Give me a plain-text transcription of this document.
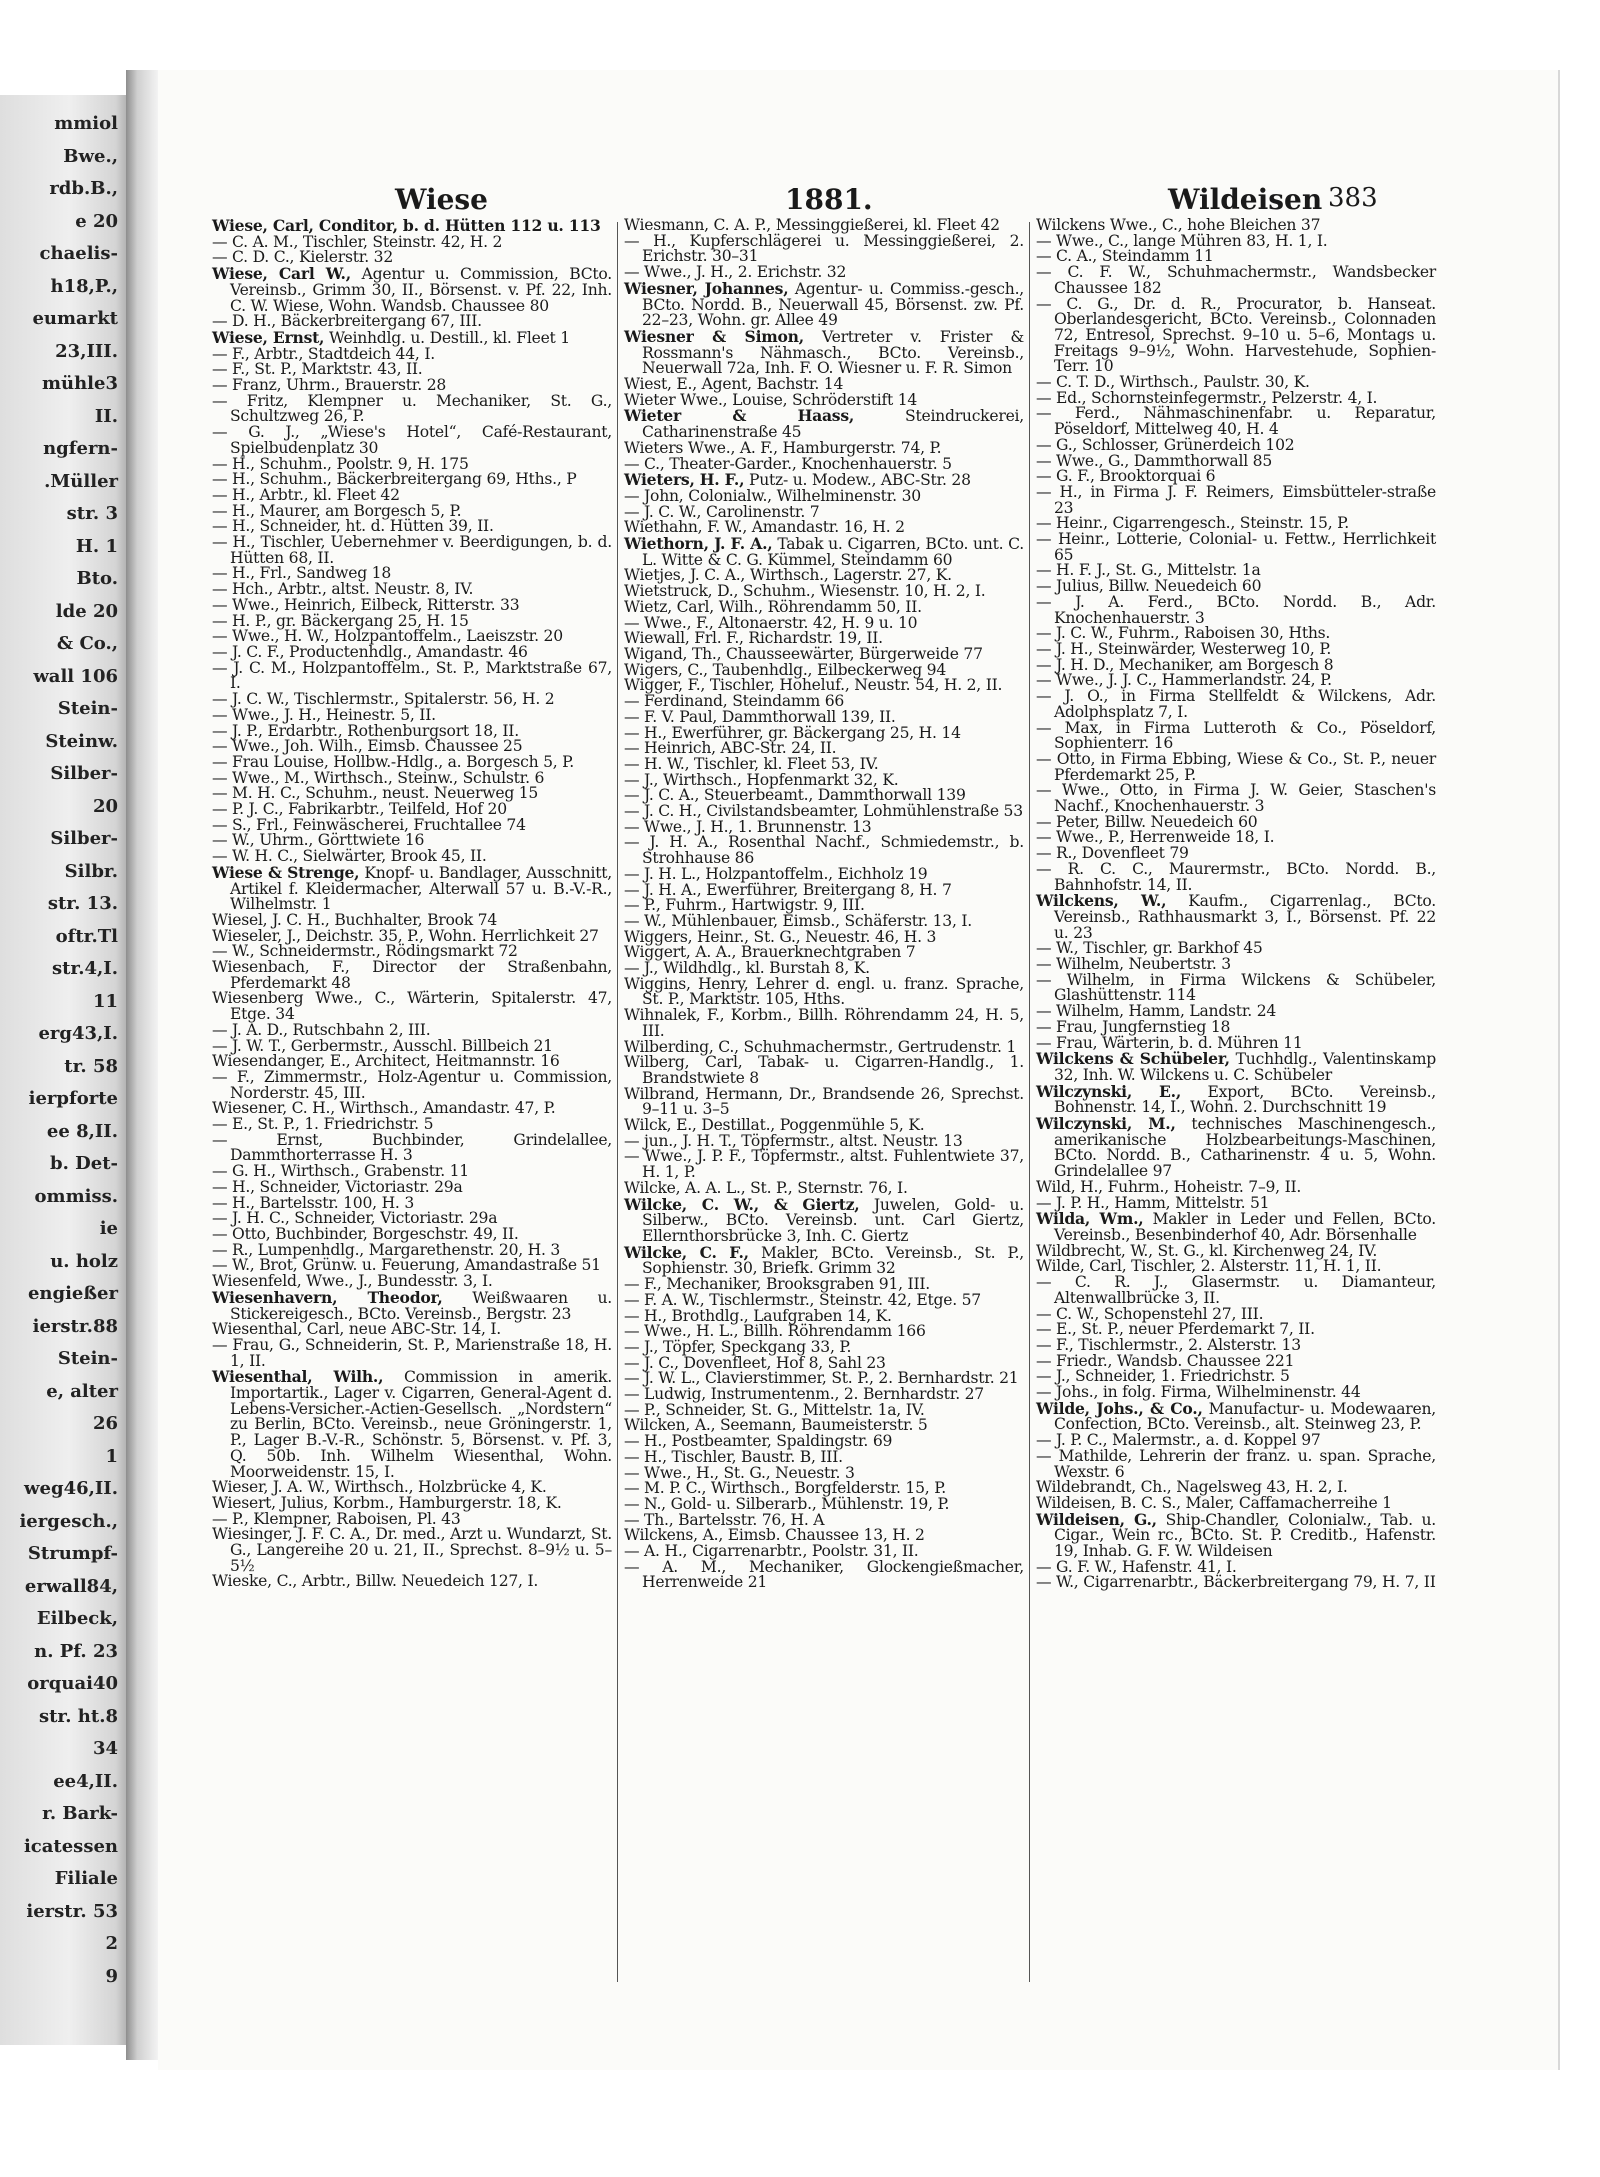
mmiol
Bwe.,
rdb.B.,
e 20
chaelis-
h18,P.,
eumarkt
23,III.
mühle3
II.
ngfern-
.Müller
str. 3
H. 1
Bto.
lde 20
& Co.,
wall 106
Stein-
Steinw.
Silber-
20
Silber-
Silbr.
str. 13.
oftr.Tl
str.4,I.
11
erg43,I.
tr. 58
ierpforte
ee 8,II.
b. Det-
ommiss.
ie
u. holz
engießer
ierstr.88
Stein-
e, alter
26
1
weg46,II.
iergesch.,
Strumpf-
erwall84,
Eilbeck,
n. Pf. 23
orquai40
str. ht.8
34
ee4,II.
r. Bark-
icatessen
Filiale
ierstr. 53
2
9
Wiese	1881.	Wildeisen 383

Wiese, Carl, Conditor, b. d. Hütten 112 u. 113

— C. A. M., Tischler, Steinstr. 42, H. 2

— C. D. C., Kielerstr. 32

Wiese, Carl W., Agentur u. Commission, BCto. Vereinsb., Grimm 30, II., Börsenst. v. Pf. 22, Inh. C. W. Wiese, Wohn. Wandsb. Chaussee 80

— D. H., Bäckerbreitergang 67, III.

Wiese, Ernst, Weinhdlg. u. Destill., kl. Fleet 1

— F., Arbtr., Stadtdeich 44, I.

— F., St. P., Marktstr. 43, II.

— Franz, Uhrm., Brauerstr. 28

— Fritz, Klempner u. Mechaniker, St. G., Schultzweg 26, P.

— G. J., „Wiese's Hotel“, Café-Restaurant, Spielbudenplatz 30

— H., Schuhm., Poolstr. 9, H. 175

— H., Schuhm., Bäckerbreitergang 69, Hths., P

— H., Arbtr., kl. Fleet 42

— H., Maurer, am Borgesch 5, P.

— H., Schneider, ht. d. Hütten 39, II.

— H., Tischler, Uebernehmer v. Beerdigungen, b. d. Hütten 68, II.

— H., Frl., Sandweg 18

— Hch., Arbtr., altst. Neustr. 8, IV.

— Wwe., Heinrich, Eilbeck, Ritterstr. 33

— H. P., gr. Bäckergang 25, H. 15

— Wwe., H. W., Holzpantoffelm., Laeiszstr. 20

— J. C. F., Productenhdlg., Amandastr. 46

— J. C. M., Holzpantoffelm., St. P., Marktstraße 67, I.

— J. C. W., Tischlermstr., Spitalerstr. 56, H. 2

— Wwe., J. H., Heinestr. 5, II.

— J. P., Erdarbtr., Rothenburgsort 18, II.

— Wwe., Joh. Wilh., Eimsb. Chaussee 25

— Frau Louise, Hollbw.-Hdlg., a. Borgesch 5, P.

— Wwe., M., Wirthsch., Steinw., Schulstr. 6

— M. H. C., Schuhm., neust. Neuerweg 15

— P. J. C., Fabrikarbtr., Teilfeld, Hof 20

— S., Frl., Feinwäscherei, Fruchtallee 74

— W., Uhrm., Görttwiete 16

— W. H. C., Sielwärter, Brook 45, II.

Wiese & Strenge, Knopf- u. Bandlager, Ausschnitt, Artikel f. Kleidermacher, Alterwall 57 u. B.-V.-R., Wilhelmstr. 1

Wiesel, J. C. H., Buchhalter, Brook 74

Wieseler, J., Deichstr. 35, P., Wohn. Herrlichkeit 27

— W., Schneidermstr., Rödingsmarkt 72

Wiesenbach, F., Director der Straßenbahn, Pferdemarkt 48

Wiesenberg Wwe., C., Wärterin, Spitalerstr. 47, Etge. 34

— J. A. D., Rutschbahn 2, III.

— J. W. T., Gerbermstr., Ausschl. Billbeich 21

Wiesendanger, E., Architect, Heitmannstr. 16

— F., Zimmermstr., Holz-Agentur u. Commission, Norderstr. 45, III.

Wiesener, C. H., Wirthsch., Amandastr. 47, P.

— E., St. P., 1. Friedrichstr. 5

— Ernst, Buchbinder, Grindelallee, Dammthorterrasse H. 3

— G. H., Wirthsch., Grabenstr. 11

— H., Schneider, Victoriastr. 29a

— H., Bartelsstr. 100, H. 3

— J. H. C., Schneider, Victoriastr. 29a

— Otto, Buchbinder, Borgeschstr. 49, II.

— R., Lumpenhdlg., Margarethenstr. 20, H. 3

— W., Brot, Grünw. u. Feuerung, Amandastraße 51

Wiesenfeld, Wwe., J., Bundesstr. 3, I.

Wiesenhavern, Theodor, Weißwaaren u. Stickereigesch., BCto. Vereinsb., Bergstr. 23

Wiesenthal, Carl, neue ABC-Str. 14, I.

— Frau, G., Schneiderin, St. P., Marienstraße 18, H. 1, II.

Wiesenthal, Wilh., Commission in amerik. Importartik., Lager v. Cigarren, General-Agent d. Lebens-Versicher.-Actien-Gesellsch. „Nordstern“ zu Berlin, BCto. Vereinsb., neue Gröningerstr. 1, P., Lager B.-V.-R., Schönstr. 5, Börsenst. v. Pf. 3, Q. 50b. Inh. Wilhelm Wiesenthal, Wohn. Moorweidenstr. 15, I.

Wieser, J. A. W., Wirthsch., Holzbrücke 4, K.

Wiesert, Julius, Korbm., Hamburgerstr. 18, K.

— P., Klempner, Raboisen, Pl. 43

Wiesinger, J. F. C. A., Dr. med., Arzt u. Wundarzt, St. G., Langereihe 20 u. 21, II., Sprechst. 8–9½ u. 5–5½

Wieske, C., Arbtr., Billw. Neuedeich 127, I.

Wiesmann, C. A. P., Messinggießerei, kl. Fleet 42

— H., Kupferschlägerei u. Messinggießerei, 2. Erichstr. 30–31

— Wwe., J. H., 2. Erichstr. 32

Wiesner, Johannes, Agentur- u. Commiss.-gesch., BCto. Nordd. B., Neuerwall 45, Börsenst. zw. Pf. 22–23, Wohn. gr. Allee 49

Wiesner & Simon, Vertreter v. Frister & Rossmann's Nähmasch., BCto. Vereinsb., Neuerwall 72a, Inh. F. O. Wiesner u. F. R. Simon

Wiest, E., Agent, Bachstr. 14

Wieter Wwe., Louise, Schröderstift 14

Wieter & Haass,	Steindruckerei, Catharinenstraße 45

Wieters Wwe., A. F., Hamburgerstr. 74, P.

— C., Theater-Garder., Knochenhauerstr. 5

Wieters, H. F., Putz- u. Modew., ABC-Str. 28

— John, Colonialw., Wilhelminenstr. 30

— J. C. W., Carolinenstr. 7

Wiethahn, F. W., Amandastr. 16, H. 2

Wiethorn, J. F. A., Tabak u. Cigarren, BCto. unt. C. L. Witte & C. G. Kümmel, Steindamm 60

Wietjes, J. C. A., Wirthsch., Lagerstr. 27, K.

Wietstruck, D., Schuhm., Wiesenstr. 10, H. 2, I.

Wietz, Carl, Wilh., Röhrendamm 50, II.

— Wwe., F., Altonaerstr. 42, H. 9 u. 10

Wiewall, Frl. F., Richardstr. 19, II.

Wigand, Th., Chausseewärter, Bürgerweide 77

Wigers, C., Taubenhdlg., Eilbeckerweg 94

Wigger, F., Tischler, Hoheluf., Neustr. 54, H. 2, II.

— Ferdinand, Steindamm 66

— F. V. Paul, Dammthorwall 139, II.

— H., Ewerführer, gr. Bäckergang 25, H. 14

— Heinrich, ABC-Str. 24, II.

— H. W., Tischler, kl. Fleet 53, IV.

— J., Wirthsch., Hopfenmarkt 32, K.

— J. C. A., Steuerbeamt., Dammthorwall 139

— J. C. H., Civilstandsbeamter, Lohmühlenstraße 53

— Wwe., J. H., 1. Brunnenstr. 13

— J. H. A., Rosenthal Nachf., Schmiedemstr., b. Strohhause 86

— J. H. L., Holzpantoffelm., Eichholz 19

— J. H. A., Ewerführer, Breitergang 8, H. 7

— P., Fuhrm., Hartwigstr. 9, III.

— W., Mühlenbauer, Eimsb., Schäferstr. 13, I.

Wiggers, Heinr., St. G., Neuestr. 46, H. 3

Wiggert, A. A., Brauerknechtgraben 7

— J., Wildhdlg., kl. Burstah 8, K.

Wiggins, Henry, Lehrer d. engl. u. franz. Sprache, St. P., Marktstr. 105, Hths.

Wihnalek, F., Korbm., Billh. Röhrendamm 24, H. 5, III.

Wilberding, C., Schuhmachermstr., Gertrudenstr. 1

Wilberg, Carl, Tabak- u. Cigarren-Handlg., 1. Brandstwiete 8

Wilbrand, Hermann, Dr., Brandsende 26, Sprechst. 9–11 u. 3–5

Wilck, E., Destillat., Poggenmühle 5, K.

— jun., J. H. T., Töpfermstr., altst. Neustr. 13

— Wwe., J. P. F., Töpfermstr., altst. Fuhlentwiete 37, H. 1, P.

Wilcke, A. A. L., St. P., Sternstr. 76, I.

Wilcke, C. W., & Giertz, Juwelen, Gold- u. Silberw., BCto. Vereinsb. unt. Carl Giertz, Ellernthorsbrücke 3, Inh. C. Giertz

Wilcke, C. F., Makler, BCto. Vereinsb., St. P., Sophienstr. 30, Briefk. Grimm 32

— F., Mechaniker, Brooksgraben 91, III.

— F. A. W., Tischlermstr., Steinstr. 42, Etge. 57

— H., Brothdlg., Laufgraben 14, K.

— Wwe., H. L., Billh. Röhrendamm 166

— J., Töpfer, Speckgang 33, P.

— J. C., Dovenfleet, Hof 8, Sahl 23

— J. W. L., Clavierstimmer, St. P., 2. Bernhardstr. 21

— Ludwig, Instrumentenm., 2. Bernhardstr. 27

— P., Schneider, St. G., Mittelstr. 1a, IV.

Wilcken, A., Seemann, Baumeisterstr. 5

— H., Postbeamter, Spaldingstr. 69

— H., Tischler, Baustr. B, III.

— Wwe., H., St. G., Neuestr. 3

— M. P. C., Wirthsch., Borgfelderstr. 15, P.

— N., Gold- u. Silberarb., Mühlenstr. 19, P.

— Th., Bartelsstr. 76, H. A

Wilckens, A., Eimsb. Chaussee 13, H. 2

— A. H., Cigarrenarbtr., Poolstr. 31, II.

— A. M., Mechaniker, Glockengießmacher, Herrenweide 21

Wilckens Wwe., C., hohe Bleichen 37

— Wwe., C., lange Mühren 83, H. 1, I.

— C. A., Steindamm 11

— C. F. W., Schuhmachermstr., Wandsbecker Chaussee 182

— C. G., Dr. d. R., Procurator, b. Hanseat. Oberlandesgericht, BCto. Vereinsb., Colonnaden 72, Entresol, Sprechst. 9–10 u. 5–6, Montags u. Freitags 9–9½, Wohn. Harvestehude, Sophien-Terr. 10

— C. T. D., Wirthsch., Paulstr. 30, K.

— Ed., Schornsteinfegermstr., Pelzerstr. 4, I.

— Ferd., Nähmaschinenfabr. u. Reparatur, Pöseldorf, Mittelweg 40, H. 4

— G., Schlosser, Grünerdeich 102

— Wwe., G., Dammthorwall 85

— G. F., Brooktorquai 6

— H., in Firma J. F. Reimers, Eimsbütteler-straße 23

— Heinr., Cigarrengesch., Steinstr. 15, P.

— Heinr., Lotterie, Colonial- u. Fettw., Herrlichkeit 65

— H. F. J., St. G., Mittelstr. 1a

— Julius, Billw. Neuedeich 60

— J. A. Ferd., BCto. Nordd. B., Adr. Knochenhauerstr. 3

— J. C. W., Fuhrm., Raboisen 30, Hths.

— J. H., Steinwärder, Westerweg 10, P.

— J. H. D., Mechaniker, am Borgesch 8

— Wwe., J. J. C., Hammerlandstr. 24, P.

— J. O., in Firma Stellfeldt & Wilckens, Adr. Adolphsplatz 7, I.

— Max, in Firma Lutteroth & Co., Pöseldorf, Sophienterr. 16

— Otto, in Firma Ebbing, Wiese & Co., St. P., neuer Pferdemarkt 25, P.

— Wwe., Otto, in Firma J. W. Geier, Staschen's Nachf., Knochenhauerstr. 3

— Peter, Billw. Neuedeich 60

— Wwe., P., Herrenweide 18, I.

— R., Dovenfleet 79

— R. C. C., Maurermstr., BCto. Nordd. B., Bahnhofstr. 14, II.

Wilckens, W., Kaufm., Cigarrenlag., BCto. Vereinsb., Rathhausmarkt 3, I., Börsenst. Pf. 22 u. 23

— W., Tischler, gr. Barkhof 45

— Wilhelm, Neubertstr. 3

— Wilhelm, in Firma Wilckens & Schübeler, Glashüttenstr. 114

— Wilhelm, Hamm, Landstr. 24

— Frau, Jungfernstieg 18

— Frau, Wärterin, b. d. Mühren 11

Wilckens & Schübeler, Tuchhdlg., Valentinskamp 32, Inh. W. Wilckens u. C. Schübeler

Wilczynski, E., Export, BCto. Vereinsb., Bohnenstr. 14, I., Wohn. 2. Durchschnitt 19

Wilczynski, M., technisches Maschinengesch., amerikanische Holzbearbeitungs-Maschinen, BCto. Nordd. B., Catharinenstr. 4 u. 5, Wohn. Grindelallee 97

Wild, H., Fuhrm., Hoheistr. 7–9, II.

— J. P. H., Hamm, Mittelstr. 51

Wilda, Wm., Makler in Leder und Fellen, BCto. Vereinsb., Besenbinderhof 40, Adr. Börsenhalle

Wildbrecht, W., St. G., kl. Kirchenweg 24, IV.

Wilde, Carl, Tischler, 2. Alsterstr. 11, H. 1, II.

— C. R. J., Glasermstr. u. Diamanteur, Altenwallbrücke 3, II.

— C. W., Schopenstehl 27, III.

— E., St. P., neuer Pferdemarkt 7, II.

— F., Tischlermstr., 2. Alsterstr. 13

— Friedr., Wandsb. Chaussee 221

— J., Schneider, 1. Friedrichstr. 5

— Johs., in folg. Firma, Wilhelminenstr. 44

Wilde, Johs., & Co., Manufactur- u. Modewaaren, Confection, BCto. Vereinsb., alt. Steinweg 23, P.

— J. P. C., Malermstr., a. d. Koppel 97

— Mathilde, Lehrerin der franz. u. span. Sprache, Wexstr. 6

Wildebrandt, Ch., Nagelsweg 43, H. 2, I.

Wildeisen, B. C. S., Maler, Caffamacherreihe 1

Wildeisen, G., Ship-Chandler, Colonialw., Tab. u. Cigar., Wein rc., BCto. St. P. Creditb., Hafenstr. 19, Inhab. G. F. W. Wildeisen

— G. F. W., Hafenstr. 41, I.

— W., Cigarrenarbtr., Bäckerbreitergang 79, H. 7, II
